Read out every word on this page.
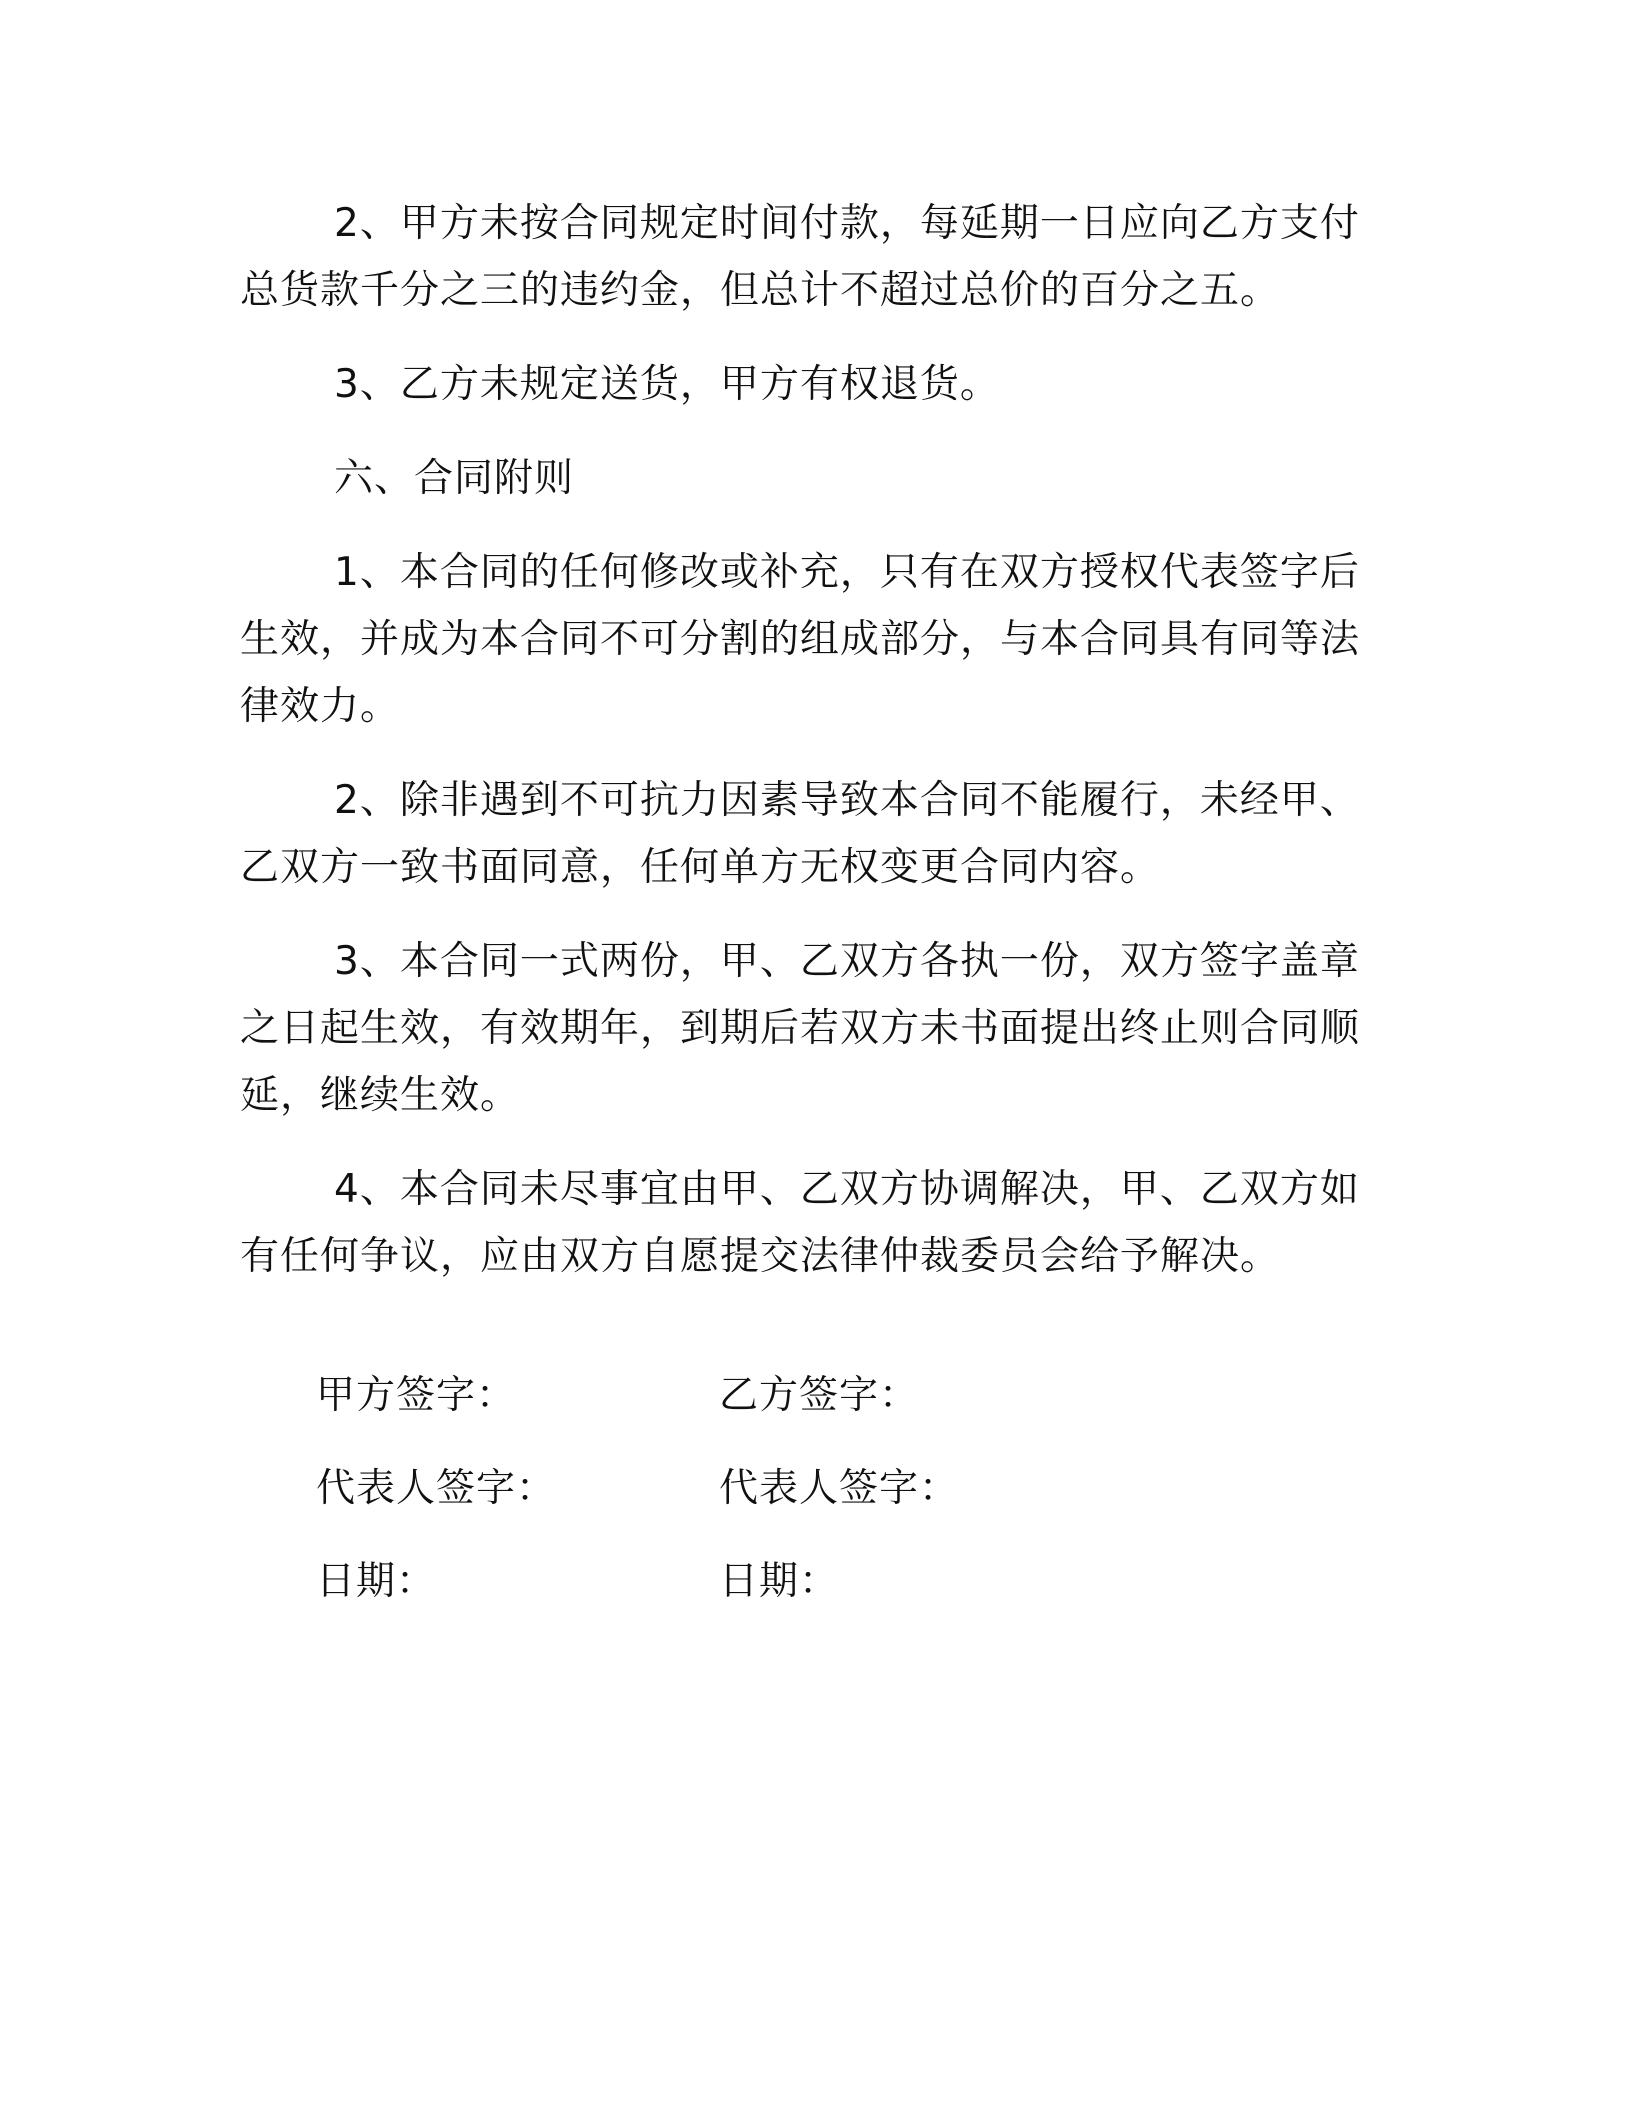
2、甲方未按合同规定时间付款，每延期一日应向乙方支付总货款千分之三的违约金，但总计不超过总价的百分之五。

3、乙方未规定送货，甲方有权退货。

六、合同附则

1、本合同的任何修改或补充，只有在双方授权代表签字后生效，并成为本合同不可分割的组成部分，与本合同具有同等法律效力。

2、除非遇到不可抗力因素导致本合同不能履行，未经甲、乙双方一致书面同意，任何单方无权变更合同内容。

3、本合同一式两份，甲、乙双方各执一份，双方签字盖章之日起生效，有效期年，到期后若双方未书面提出终止则合同顺延，继续生效。

4、本合同未尽事宜由甲、乙双方协调解决，甲、乙双方如有任何争议，应由双方自愿提交法律仲裁委员会给予解决。

甲方签字：	乙方签字：
代表人签字：	代表人签字：
日期：	日期：
